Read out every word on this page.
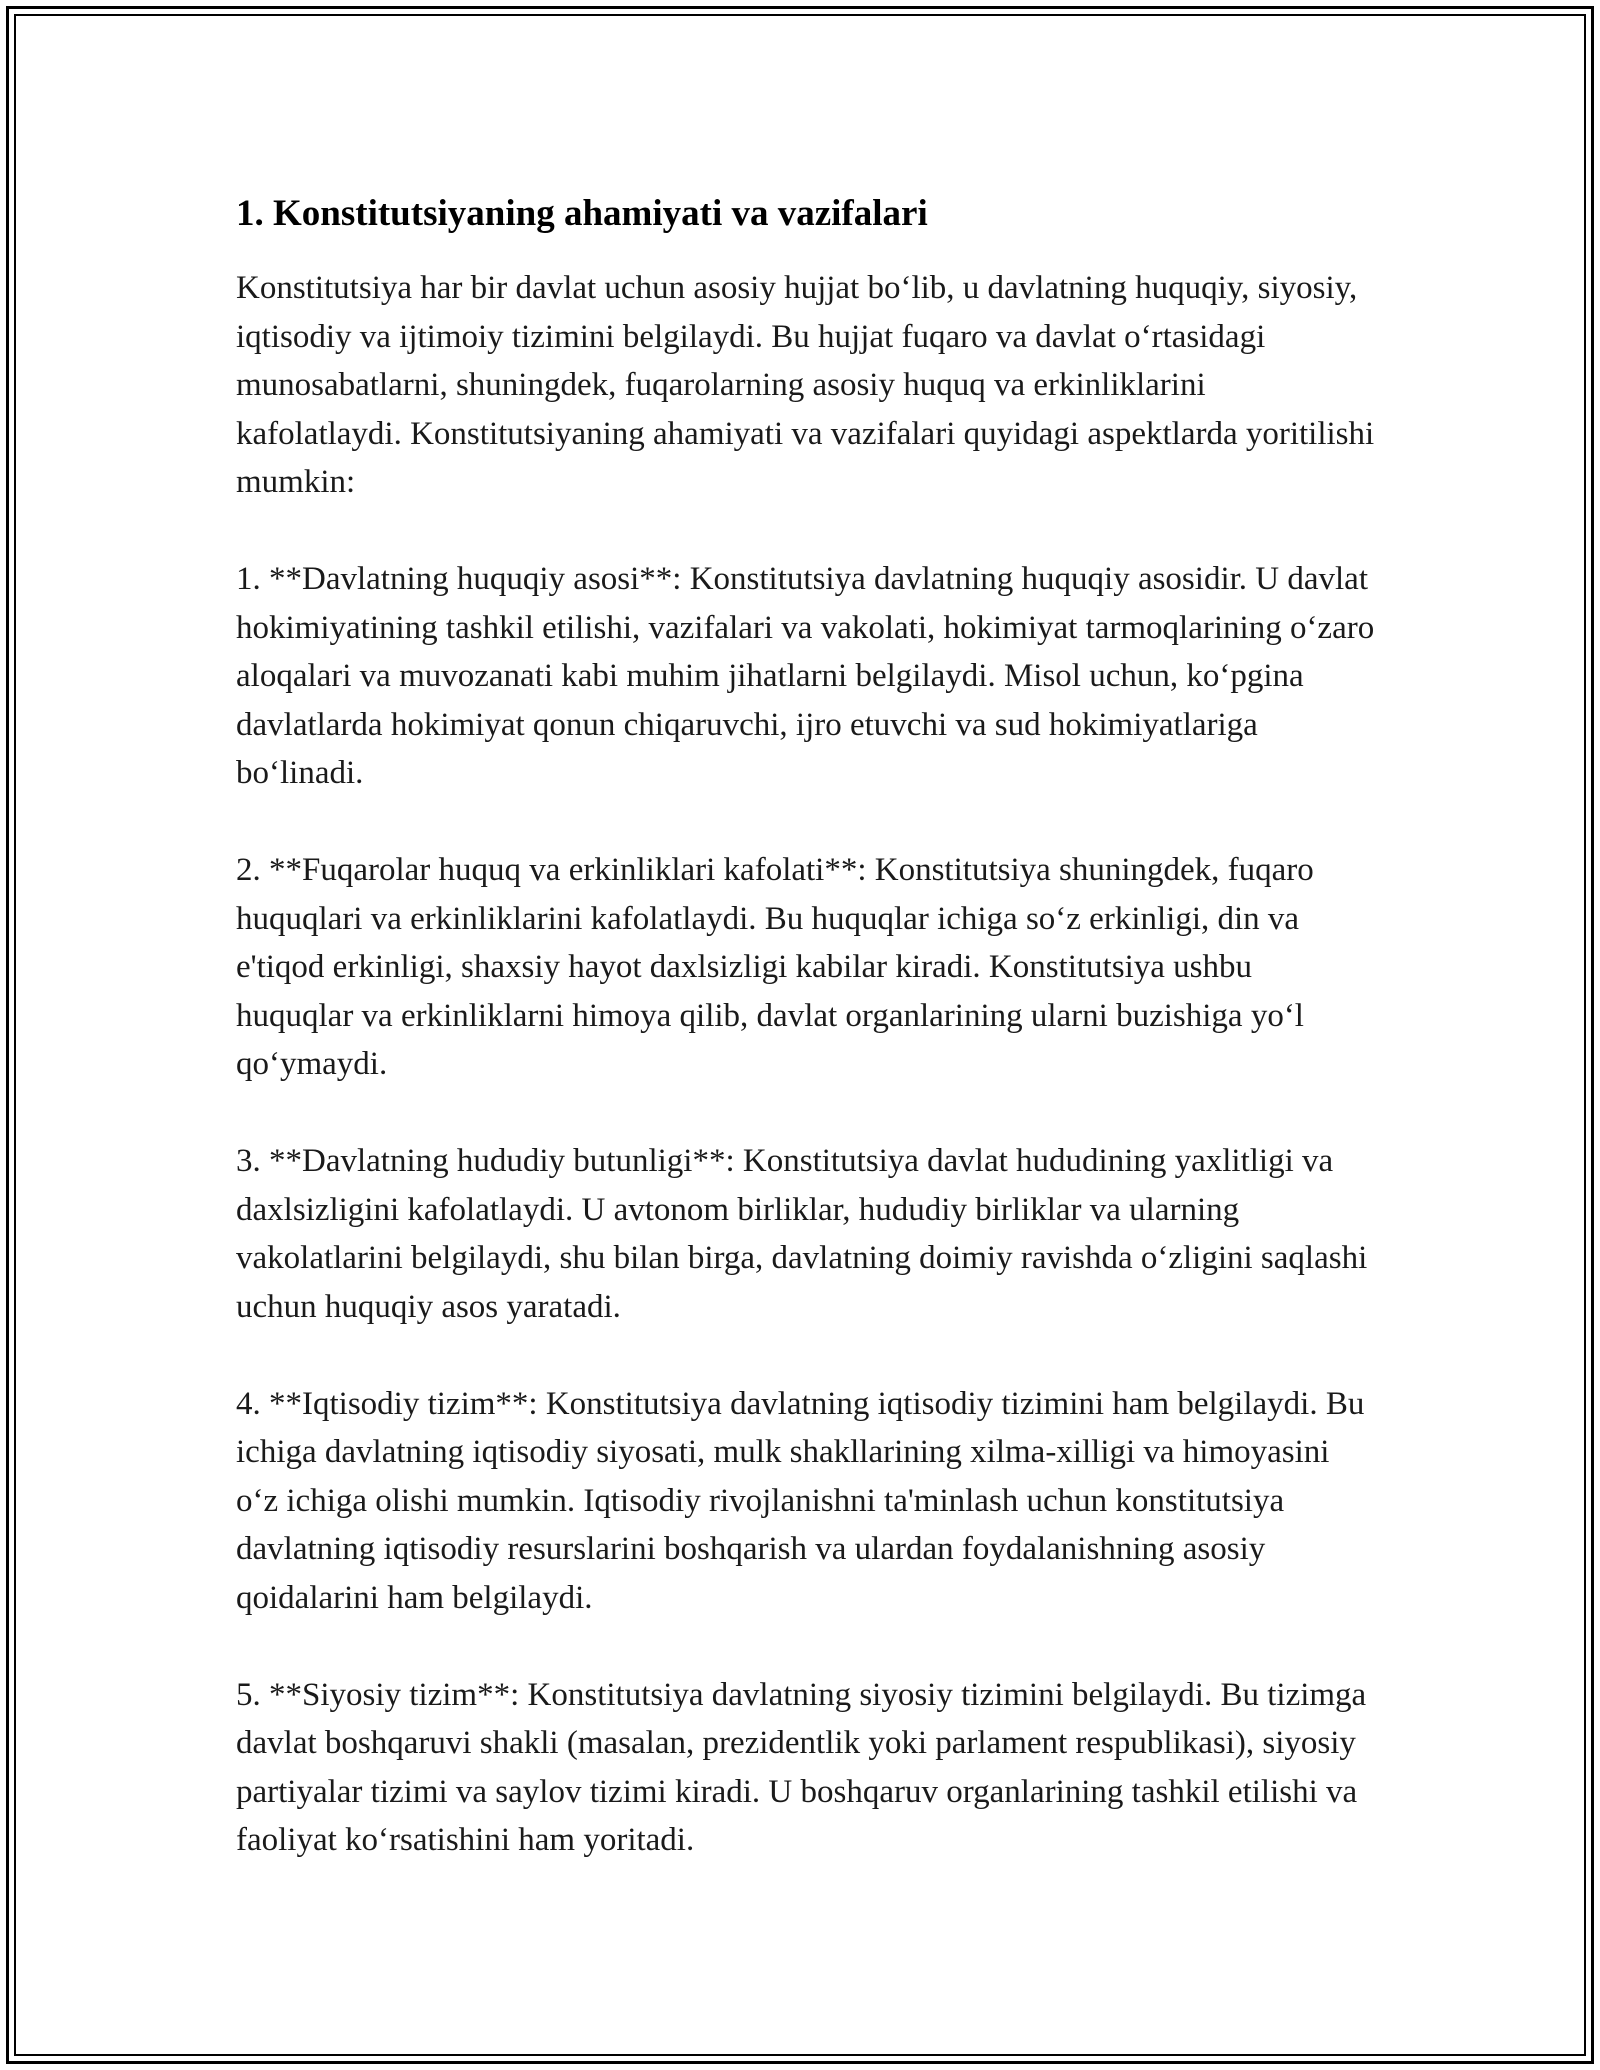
1. Konstitutsiyaning ahamiyati va vazifalari

Konstitutsiya har bir davlat uchun asosiy hujjat bo‘lib, u davlatning huquqiy, siyosiy, iqtisodiy va ijtimoiy tizimini belgilaydi. Bu hujjat fuqaro va davlat o‘rtasidagi munosabatlarni, shuningdek, fuqarolarning asosiy huquq va erkinliklarini kafolatlaydi. Konstitutsiyaning ahamiyati va vazifalari quyidagi aspektlarda yoritilishi mumkin:

1. **Davlatning huquqiy asosi**: Konstitutsiya davlatning huquqiy asosidir. U davlat hokimiyatining tashkil etilishi, vazifalari va vakolati, hokimiyat tarmoqlarining o‘zaro aloqalari va muvozanati kabi muhim jihatlarni belgilaydi. Misol uchun, ko‘pgina davlatlarda hokimiyat qonun chiqaruvchi, ijro etuvchi va sud hokimiyatlariga bo‘linadi.

2. **Fuqarolar huquq va erkinliklari kafolati**: Konstitutsiya shuningdek, fuqaro huquqlari va erkinliklarini kafolatlaydi. Bu huquqlar ichiga so‘z erkinligi, din va e'tiqod erkinligi, shaxsiy hayot daxlsizligi kabilar kiradi. Konstitutsiya ushbu huquqlar va erkinliklarni himoya qilib, davlat organlarining ularni buzishiga yo‘l qo‘ymaydi.

3. **Davlatning hududiy butunligi**: Konstitutsiya davlat hududining yaxlitligi va daxlsizligini kafolatlaydi. U avtonom birliklar, hududiy birliklar va ularning vakolatlarini belgilaydi, shu bilan birga, davlatning doimiy ravishda o‘zligini saqlashi uchun huquqiy asos yaratadi.

4. **Iqtisodiy tizim**: Konstitutsiya davlatning iqtisodiy tizimini ham belgilaydi. Bu ichiga davlatning iqtisodiy siyosati, mulk shakllarining xilma-xilligi va himoyasini o‘z ichiga olishi mumkin. Iqtisodiy rivojlanishni ta'minlash uchun konstitutsiya davlatning iqtisodiy resurslarini boshqarish va ulardan foydalanishning asosiy qoidalarini ham belgilaydi.

5. **Siyosiy tizim**: Konstitutsiya davlatning siyosiy tizimini belgilaydi. Bu tizimga davlat boshqaruvi shakli (masalan, prezidentlik yoki parlament respublikasi), siyosiy partiyalar tizimi va saylov tizimi kiradi. U boshqaruv organlarining tashkil etilishi va faoliyat ko‘rsatishini ham yoritadi.
